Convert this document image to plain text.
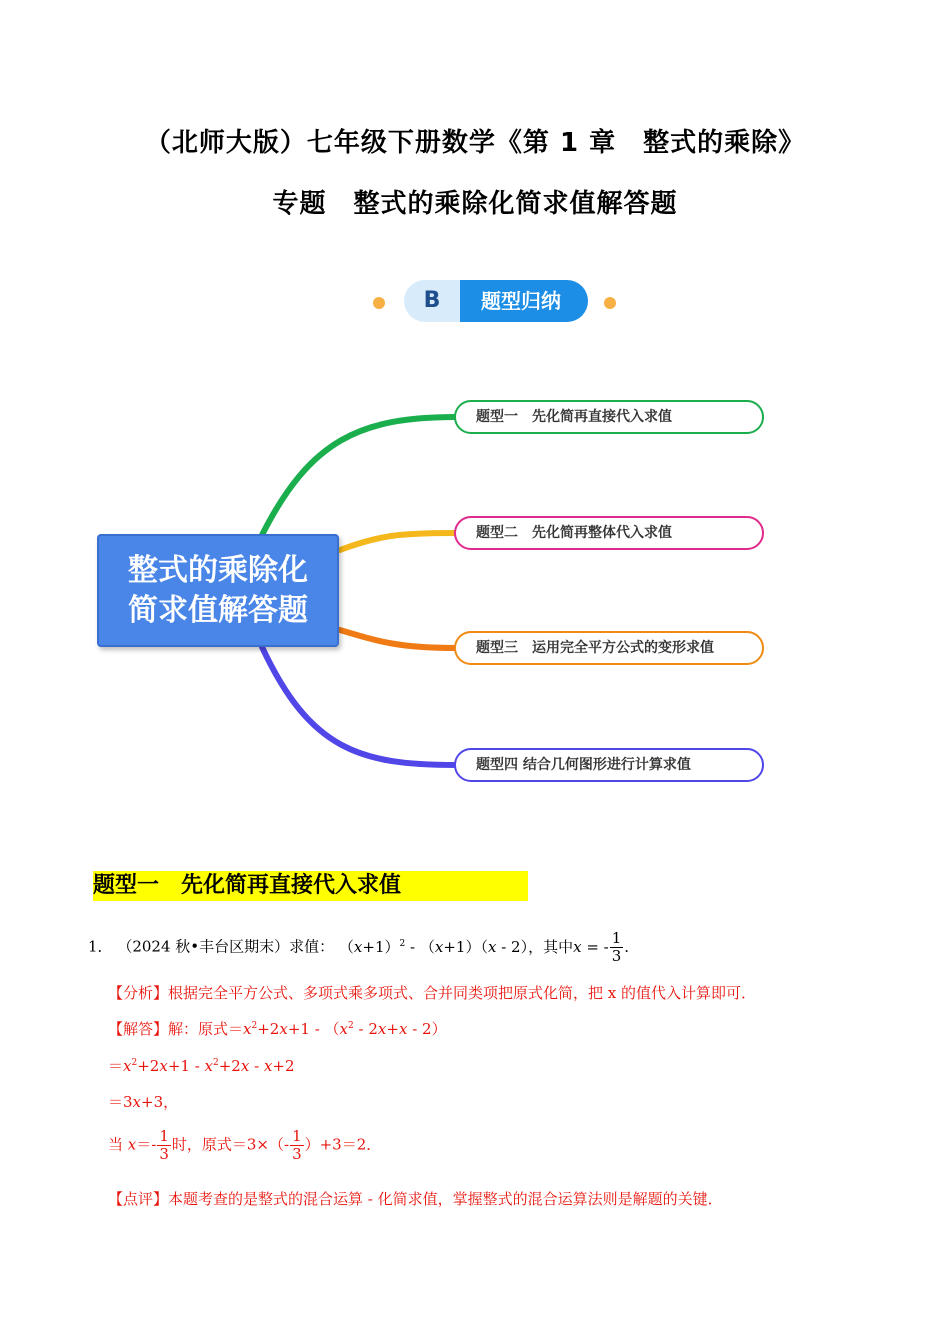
（北师大版）七年级下册数学《第 1 章　整式的乘除》
专题　整式的乘除化简求值解答题
题型归纳
B
整式的乘除化
简求值解答题
题型一　先化简再直接代入求值
题型二　先化简再整体代入求值
题型三　运用完全平方公式的变形求值
题型四 结合几何图形进行计算求值
题型一　先化简再直接代入求值
1． （2024 秋•丰台区期末）求值： $(x+1)^2 - (x+1)(x - 2)$，其中x = - $\frac{1}{3}$ .
【分析】根据完全平方公式、多项式乘多项式、合并同类项把原式化简，把 x 的值代入计算即可．
【解答】解：原式$=x^2+2x+1 - (x^2 - 2x+x - 2)$
$=x^2+2x+1 - x^2+2x - x+2$
＝3x+3，
当 $x=- \frac{1}{3}$ 时，原式$=3\times(- \frac{1}{3} )+3=2$．
【点评】本题考查的是整式的混合运算 - 化简求值，掌握整式的混合运算法则是解题的关键．
